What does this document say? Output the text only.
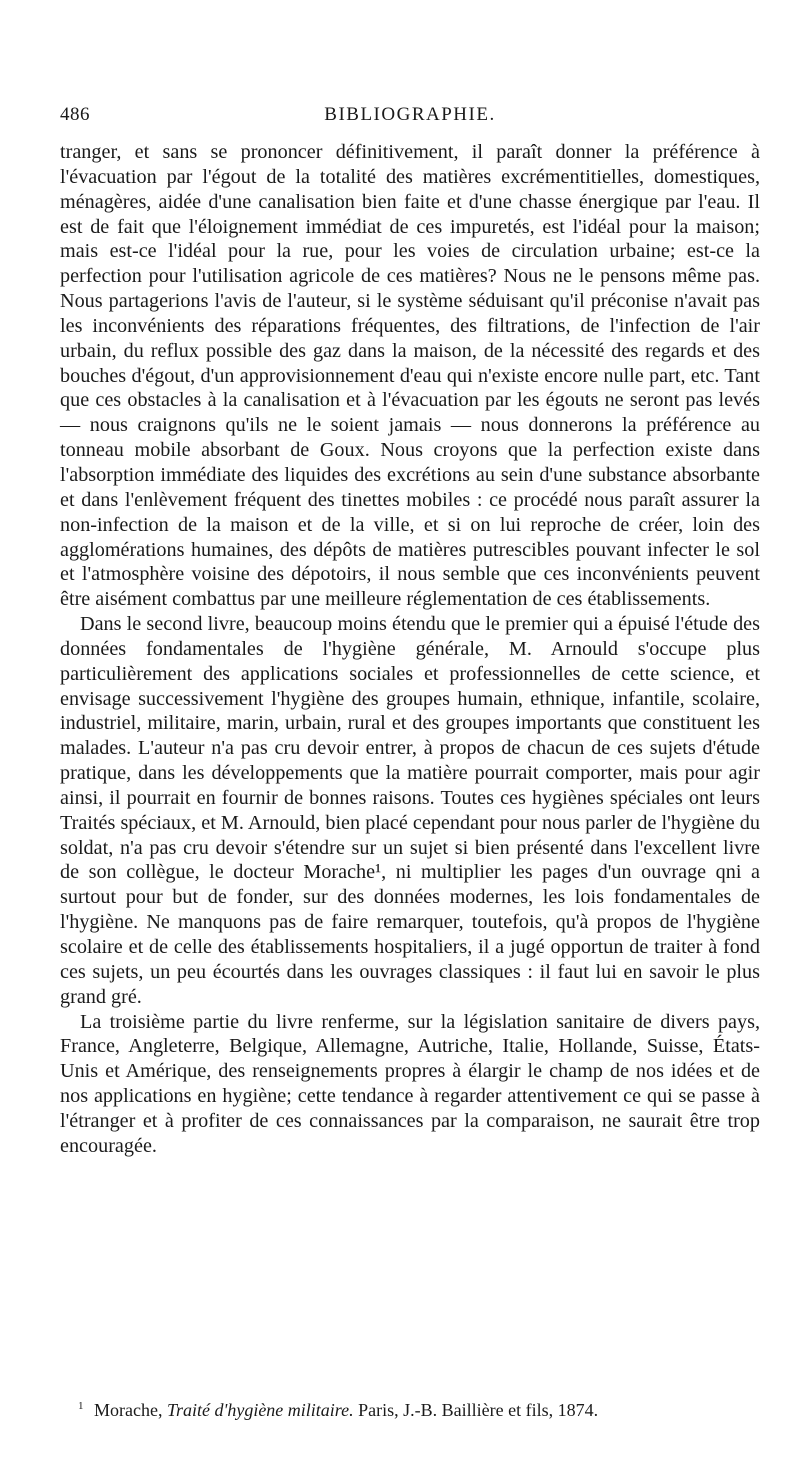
486	BIBLIOGRAPHIE.

tranger, et sans se prononcer définitivement, il paraît donner la préférence à l'évacuation par l'égout de la totalité des matières excrémentitielles, domestiques, ménagères, aidée d'une canalisation bien faite et d'une chasse énergique par l'eau. Il est de fait que l'éloignement immédiat de ces impuretés, est l'idéal pour la maison; mais est-ce l'idéal pour la rue, pour les voies de circulation urbaine; est-ce la perfection pour l'utilisation agricole de ces matières? Nous ne le pensons même pas. Nous partagerions l'avis de l'auteur, si le système séduisant qu'il préconise n'avait pas les inconvénients des réparations fréquentes, des filtrations, de l'infection de l'air urbain, du reflux possible des gaz dans la maison, de la nécessité des regards et des bouches d'égout, d'un approvisionnement d'eau qui n'existe encore nulle part, etc. Tant que ces obstacles à la canalisation et à l'évacuation par les égouts ne seront pas levés — nous craignons qu'ils ne le soient jamais — nous donnerons la préférence au tonneau mobile absorbant de Goux. Nous croyons que la perfection existe dans l'absorption immédiate des liquides des excrétions au sein d'une substance absorbante et dans l'enlèvement fréquent des tinettes mobiles : ce procédé nous paraît assurer la non-infection de la maison et de la ville, et si on lui reproche de créer, loin des agglomérations humaines, des dépôts de matières putrescibles pouvant infecter le sol et l'atmosphère voisine des dépotoirs, il nous semble que ces inconvénients peuvent être aisément combattus par une meilleure réglementation de ces établissements.

Dans le second livre, beaucoup moins étendu que le premier qui a épuisé l'étude des données fondamentales de l'hygiène générale, M. Arnould s'occupe plus particulièrement des applications sociales et professionnelles de cette science, et envisage successivement l'hygiène des groupes humain, ethnique, infantile, scolaire, industriel, militaire, marin, urbain, rural et des groupes importants que constituent les malades. L'auteur n'a pas cru devoir entrer, à propos de chacun de ces sujets d'étude pratique, dans les développements que la matière pourrait comporter, mais pour agir ainsi, il pourrait en fournir de bonnes raisons. Toutes ces hygiènes spéciales ont leurs Traités spéciaux, et M. Arnould, bien placé cependant pour nous parler de l'hygiène du soldat, n'a pas cru devoir s'étendre sur un sujet si bien présenté dans l'excellent livre de son collègue, le docteur Morache¹, ni multiplier les pages d'un ouvrage qni a surtout pour but de fonder, sur des données modernes, les lois fondamentales de l'hygiène. Ne manquons pas de faire remarquer, toutefois, qu'à propos de l'hygiène scolaire et de celle des établissements hospitaliers, il a jugé opportun de traiter à fond ces sujets, un peu écourtés dans les ouvrages classiques : il faut lui en savoir le plus grand gré.

La troisième partie du livre renferme, sur la législation sanitaire de divers pays, France, Angleterre, Belgique, Allemagne, Autriche, Italie, Hollande, Suisse, États-Unis et Amérique, des renseignements propres à élargir le champ de nos idées et de nos applications en hygiène; cette tendance à regarder attentivement ce qui se passe à l'étranger et à profiter de ces connaissances par la comparaison, ne saurait être trop encouragée.

$^1$ Morache, Traité d'hygiène militaire. Paris, J.-B. Baillière et fils, 1874.
